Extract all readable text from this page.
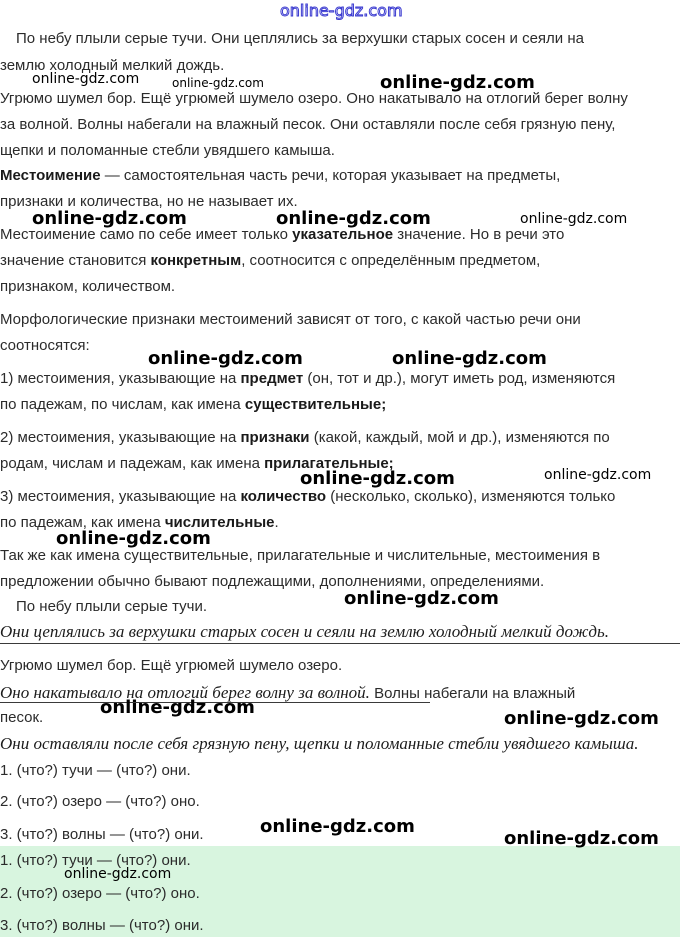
online-gdz.com
По небу плыли серые тучи. Они цеплялись за верхушки старых сосен и сеяли на
землю холодный мелкий дождь.
Угрюмо шумел бор. Ещё угрюмей шумело озеро. Оно накатывало на отлогий берег волну
за волной. Волны набегали на влажный песок. Они оставляли после себя грязную пену,
щепки и поломанные стебли увядшего камыша.
Местоимение — самостоятельная часть речи, которая указывает на предметы,
признаки и количества, но не называет их.
Местоимение само по себе имеет только указательное значение. Но в речи это
значение становится конкретным, соотносится с определённым предметом,
признаком, количеством.
Морфологические признаки местоимений зависят от того, с какой частью речи они
соотносятся:
1) местоимения, указывающие на предмет (он, тот и др.), могут иметь род, изменяются
по падежам, по числам, как имена существительные;
2) местоимения, указывающие на признаки (какой, каждый, мой и др.), изменяются по
родам, числам и падежам, как имена прилагательные;
3) местоимения, указывающие на количество (несколько, сколько), изменяются только
по падежам, как имена числительные.
Так же как имена существительные, прилагательные и числительные, местоимения в
предложении обычно бывают подлежащими, дополнениями, определениями.
По небу плыли серые тучи.
Они цеплялись за верхушки старых сосен и сеяли на землю холодный мелкий дождь.
Угрюмо шумел бор. Ещё угрюмей шумело озеро.
Оно накатывало на отлогий берег волну за волной. Волны набегали на влажный
песок.
Они оставляли после себя грязную пену, щепки и поломанные стебли увядшего камыша.
1. (что?) тучи — (что?) они.
2. (что?) озеро — (что?) оно.
3. (что?) волны — (что?) они.
1. (что?) тучи — (что?) они.
2. (что?) озеро — (что?) оно.
3. (что?) волны — (что?) они.
online-gdz.com	online-gdz.com	online-gdz.com
online-gdz.com	online-gdz.com	online-gdz.com
online-gdz.com	online-gdz.com
online-gdz.com
online-gdz.com
online-gdz.com
online-gdz.com
online-gdz.com
online-gdz.com
online-gdz.com
online-gdz.com
online-gdz.com
